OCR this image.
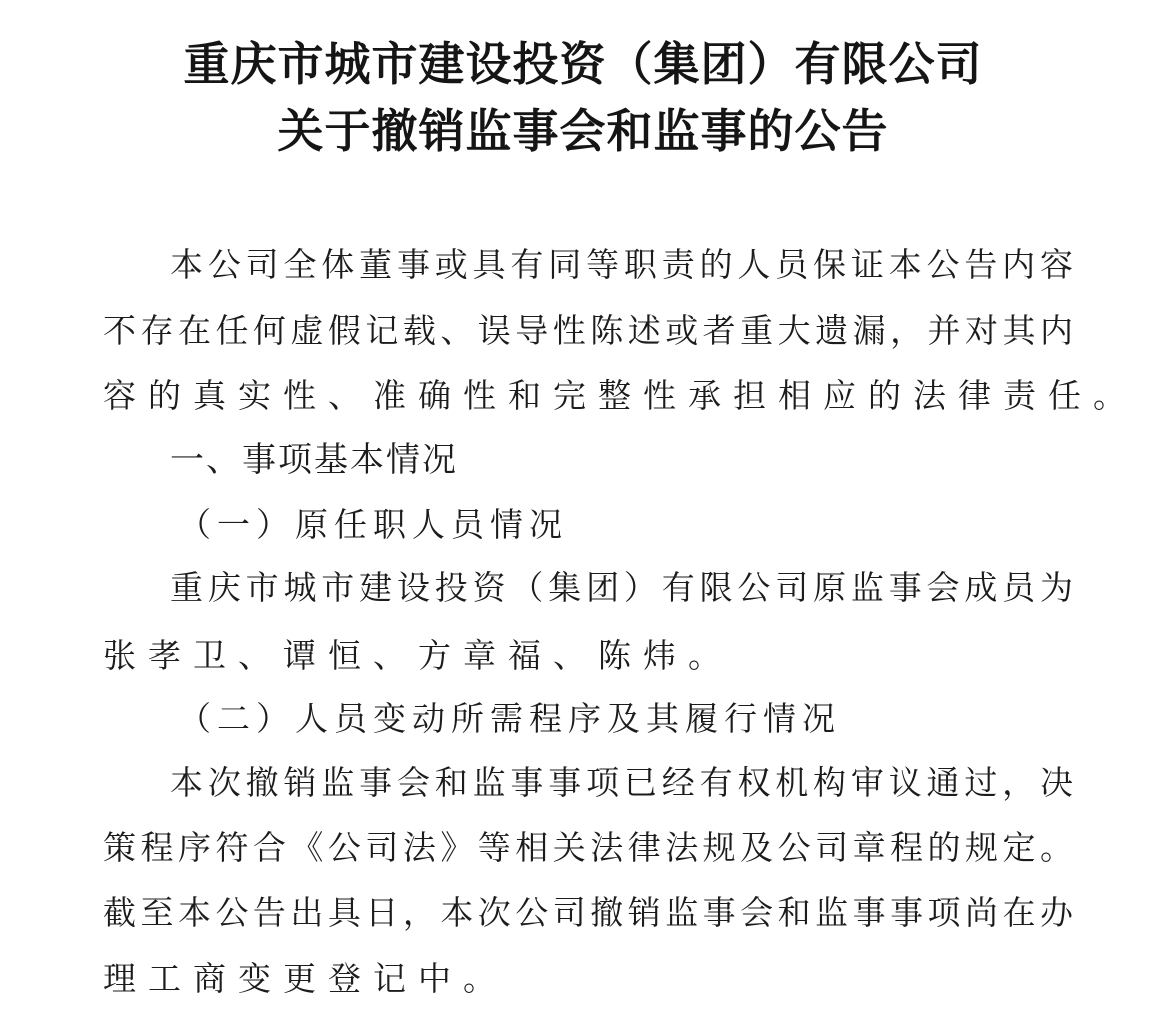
重庆市城市建设投资（集团）有限公司
关于撤销监事会和监事的公告
本公司全体董事或具有同等职责的人员保证本公告内容
不存在任何虚假记载、误导性陈述或者重大遗漏，并对其内
容的真实性、准确性和完整性承担相应的法律责任。
一、事项基本情况
（一）原任职人员情况
重庆市城市建设投资（集团）有限公司原监事会成员为
张孝卫、谭恒、方章福、陈炜。
（二）人员变动所需程序及其履行情况
本次撤销监事会和监事事项已经有权机构审议通过，决
策程序符合《公司法》等相关法律法规及公司章程的规定。
截至本公告出具日，本次公司撤销监事会和监事事项尚在办
理工商变更登记中。
